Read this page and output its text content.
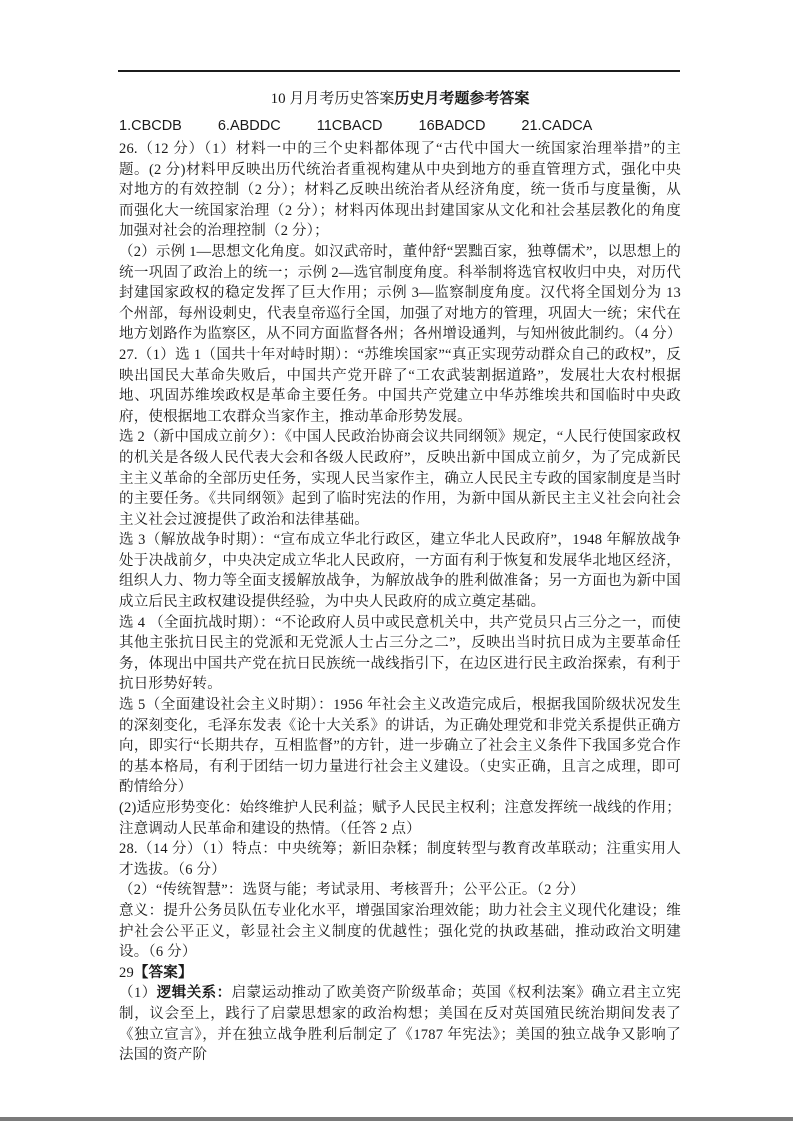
10 月月考历史答案历史月考题参考答案
1.CBCDB 6.ABDDC 11CBACD 16BADCD 21.CADCA

26.（12 分）（1）材料一中的三个史料都体现了“古代中国大一统国家治理举措”的主题。(2 分)材料甲反映出历代统治者重视构建从中央到地方的垂直管理方式，强化中央对地方的有效控制（2 分）；材料乙反映出统治者从经济角度，统一货币与度量衡，从而强化大一统国家治理（2 分）；材料丙体现出封建国家从文化和社会基层教化的角度加强对社会的治理控制（2 分）；

（2）示例 1—思想文化角度。如汉武帝时，董仲舒“罢黜百家，独尊儒术”，以思想上的统一巩固了政治上的统一；示例 2—选官制度角度。科举制将选官权收归中央，对历代封建国家政权的稳定发挥了巨大作用；示例 3—监察制度角度。汉代将全国划分为 13 个州部，每州设刺史，代表皇帝巡行全国，加强了对地方的管理，巩固大一统；宋代在地方划路作为监察区，从不同方面监督各州；各州增设通判，与知州彼此制约。（4 分）

27.（1）选 1（国共十年对峙时期）：“苏维埃国家”“真正实现劳动群众自己的政权”，反映出国民大革命失败后，中国共产党开辟了“工农武装割据道路”，发展壮大农村根据地、巩固苏维埃政权是革命主要任务。中国共产党建立中华苏维埃共和国临时中央政府，使根据地工农群众当家作主，推动革命形势发展。

选 2（新中国成立前夕）：《中国人民政治协商会议共同纲领》规定，“人民行使国家政权的机关是各级人民代表大会和各级人民政府”，反映出新中国成立前夕，为了完成新民主主义革命的全部历史任务，实现人民当家作主，确立人民民主专政的国家制度是当时的主要任务。《共同纲领》起到了临时宪法的作用，为新中国从新民主主义社会向社会主义社会过渡提供了政治和法律基础。

选 3（解放战争时期）：“宣布成立华北行政区，建立华北人民政府”，1948 年解放战争处于决战前夕，中央决定成立华北人民政府，一方面有利于恢复和发展华北地区经济，组织人力、物力等全面支援解放战争，为解放战争的胜利做准备；另一方面也为新中国成立后民主政权建设提供经验，为中央人民政府的成立奠定基础。

选 4 （全面抗战时期）：“不论政府人员中或民意机关中，共产党员只占三分之一，而使其他主张抗日民主的党派和无党派人士占三分之二”，反映出当时抗日成为主要革命任务，体现出中国共产党在抗日民族统一战线指引下，在边区进行民主政治探索，有利于抗日形势好转。

选 5（全面建设社会主义时期）：1956 年社会主义改造完成后，根据我国阶级状况发生的深刻变化，毛泽东发表《论十大关系》的讲话，为正确处理党和非党关系提供正确方向，即实行“长期共存，互相监督”的方针，进一步确立了社会主义条件下我国多党合作的基本格局，有利于团结一切力量进行社会主义建设。（史实正确，且言之成理，即可酌情给分）

(2)适应形势变化：始终维护人民利益；赋予人民民主权利；注意发挥统一战线的作用；注意调动人民革命和建设的热情。（任答 2 点）

28.（14 分）（1）特点：中央统筹；新旧杂糅；制度转型与教育改革联动；注重实用人才选拔。（6 分）

（2）“传统智慧”：选贤与能；考试录用、考核晋升；公平公正。（2 分）

意义：提升公务员队伍专业化水平，增强国家治理效能；助力社会主义现代化建设；维护社会公平正义，彰显社会主义制度的优越性；强化党的执政基础，推动政治文明建设。（6 分）

29【答案】

（1）逻辑关系：启蒙运动推动了欧美资产阶级革命；英国《权利法案》确立君主立宪制，议会至上，践行了启蒙思想家的政治构想；美国在反对英国殖民统治期间发表了《独立宣言》，并在独立战争胜利后制定了《1787 年宪法》；美国的独立战争又影响了法国的资产阶
